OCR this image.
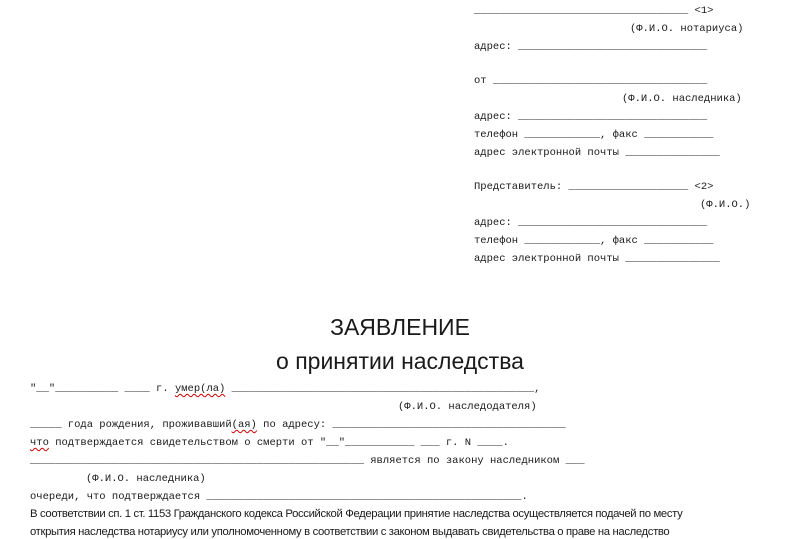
__________________________________ <1>
(Ф.И.О. нотариуса)
адрес: ______________________________
от __________________________________
(Ф.И.О. наследника)
адрес: ______________________________
телефон ____________, факс ___________
адрес электронной почты _______________
Представитель: ___________________ <2>
(Ф.И.О.)
адрес: ______________________________
телефон ____________, факс ___________
адрес электронной почты _______________
ЗАЯВЛЕНИЕ
о принятии наследства
"__"__________ ____ г. умер(ла) ________________________________________________,
(Ф.И.О. наследодателя)
_____ года рождения, проживавший(ая) по адресу: _____________________________________
что подтверждается свидетельством о смерти от "__"___________ ___ г. N ____.
_____________________________________________________ является по закону наследником ___
(Ф.И.О. наследника)
очереди, что подтверждается __________________________________________________.
В соответствии сп. 1 ст. 1153 Гражданского кодекса Российской Федерации принятие наследства осуществляется подачей по месту
открытия наследства нотариусу или уполномоченному в соответствии с законом выдавать свидетельства о праве на наследство
